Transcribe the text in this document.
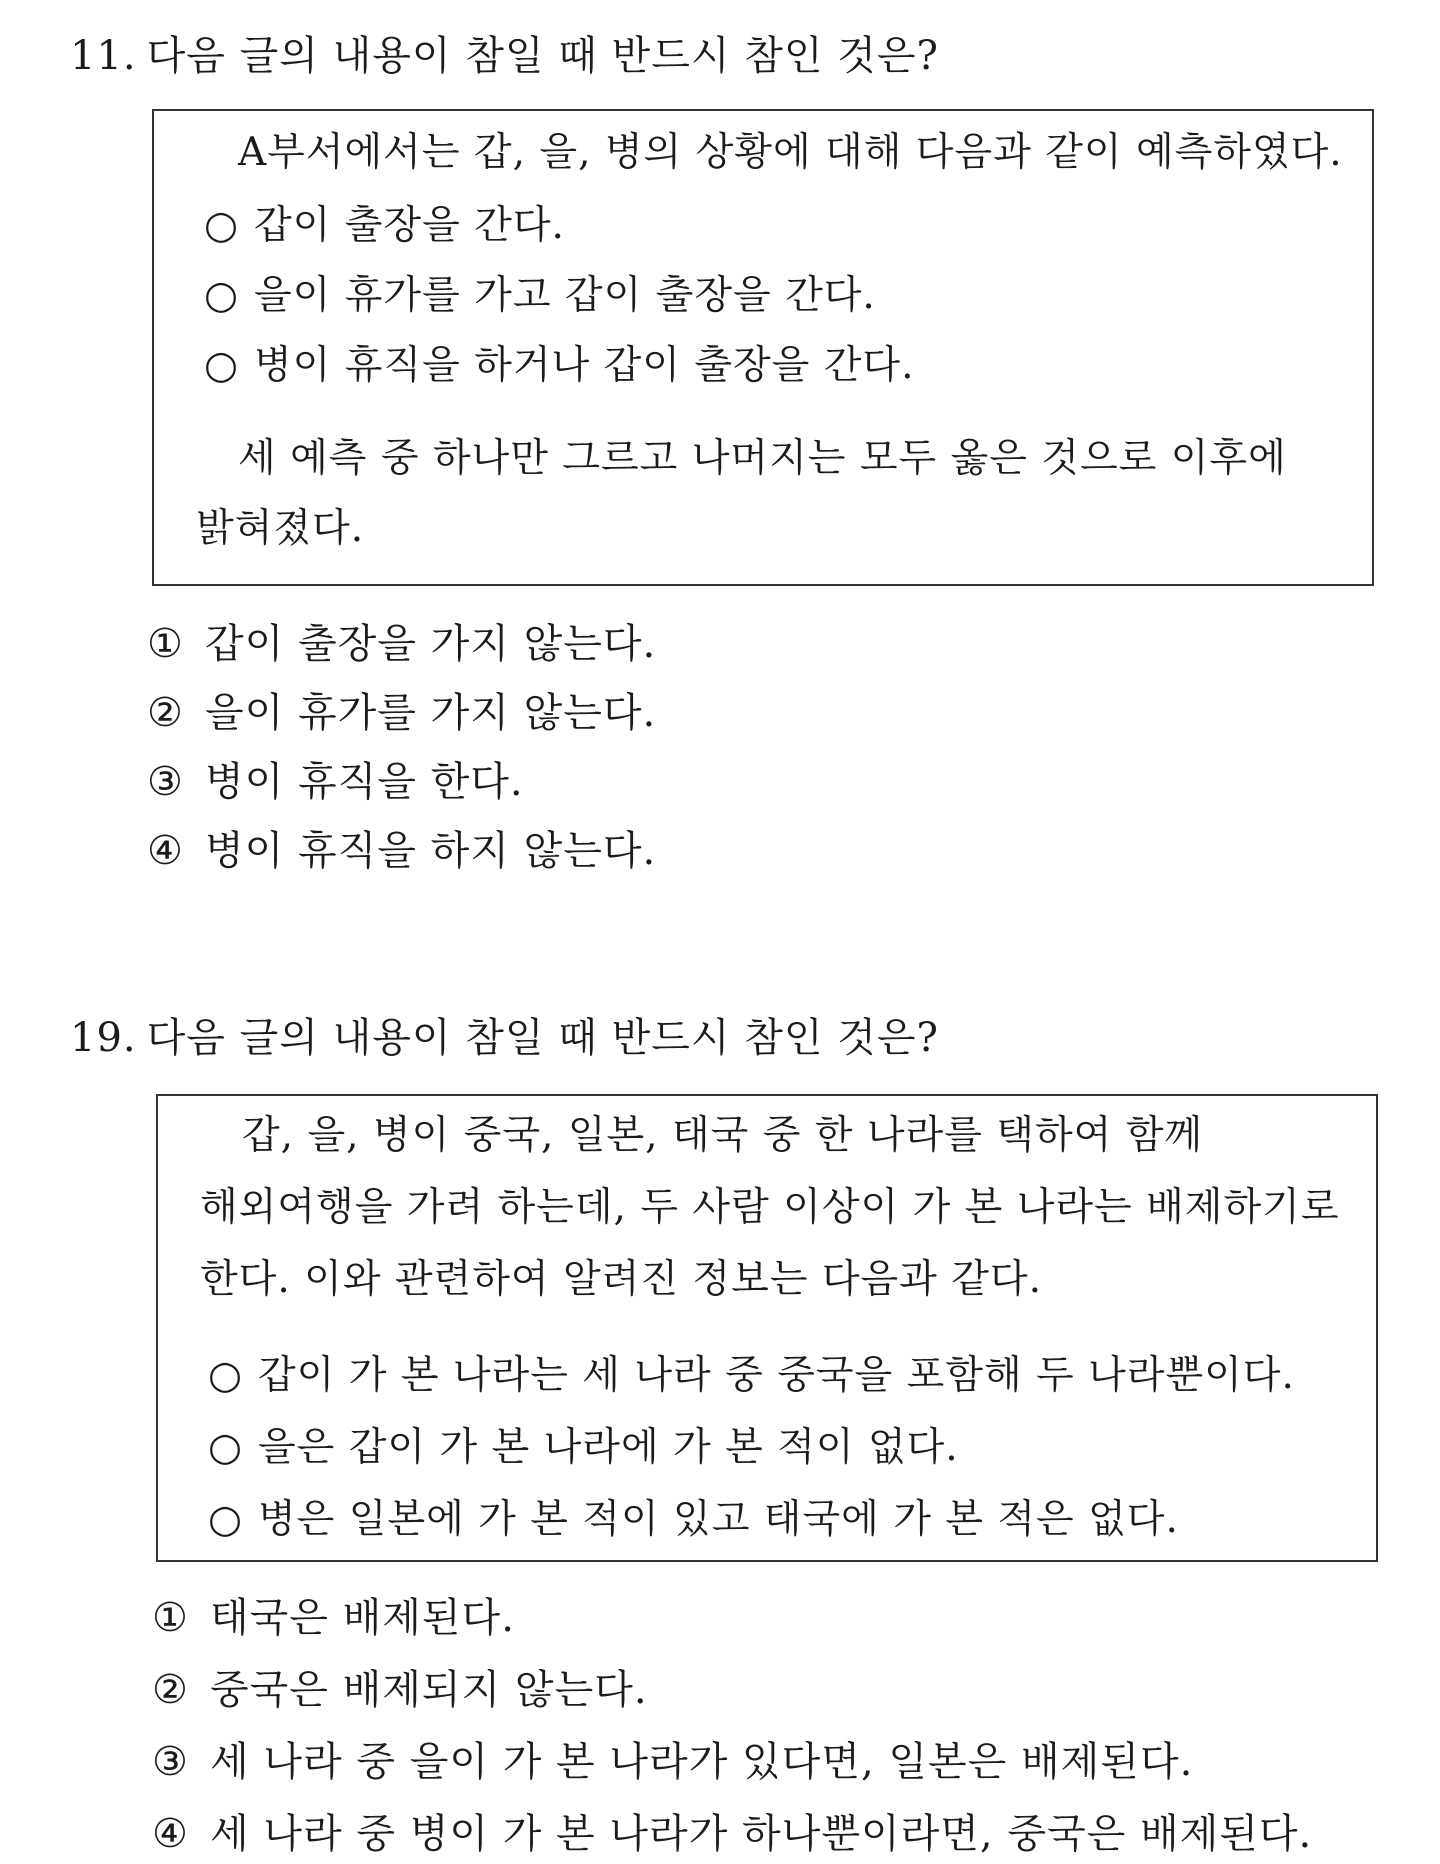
11. 다음 글의 내용이 참일 때 반드시 참인 것은?
A부서에서는 갑, 을, 병의 상황에 대해 다음과 같이 예측하였다.
○ 갑이 출장을 간다.
○ 을이 휴가를 가고 갑이 출장을 간다.
○ 병이 휴직을 하거나 갑이 출장을 간다.
세 예측 중 하나만 그르고 나머지는 모두 옳은 것으로 이후에
밝혀졌다.
① 갑이 출장을 가지 않는다.
② 을이 휴가를 가지 않는다.
③ 병이 휴직을 한다.
④ 병이 휴직을 하지 않는다.
19. 다음 글의 내용이 참일 때 반드시 참인 것은?
갑, 을, 병이 중국, 일본, 태국 중 한 나라를 택하여 함께
해외여행을 가려 하는데, 두 사람 이상이 가 본 나라는 배제하기로
한다. 이와 관련하여 알려진 정보는 다음과 같다.
○ 갑이 가 본 나라는 세 나라 중 중국을 포함해 두 나라뿐이다.
○ 을은 갑이 가 본 나라에 가 본 적이 없다.
○ 병은 일본에 가 본 적이 있고 태국에 가 본 적은 없다.
① 태국은 배제된다.
② 중국은 배제되지 않는다.
③ 세 나라 중 을이 가 본 나라가 있다면, 일본은 배제된다.
④ 세 나라 중 병이 가 본 나라가 하나뿐이라면, 중국은 배제된다.
